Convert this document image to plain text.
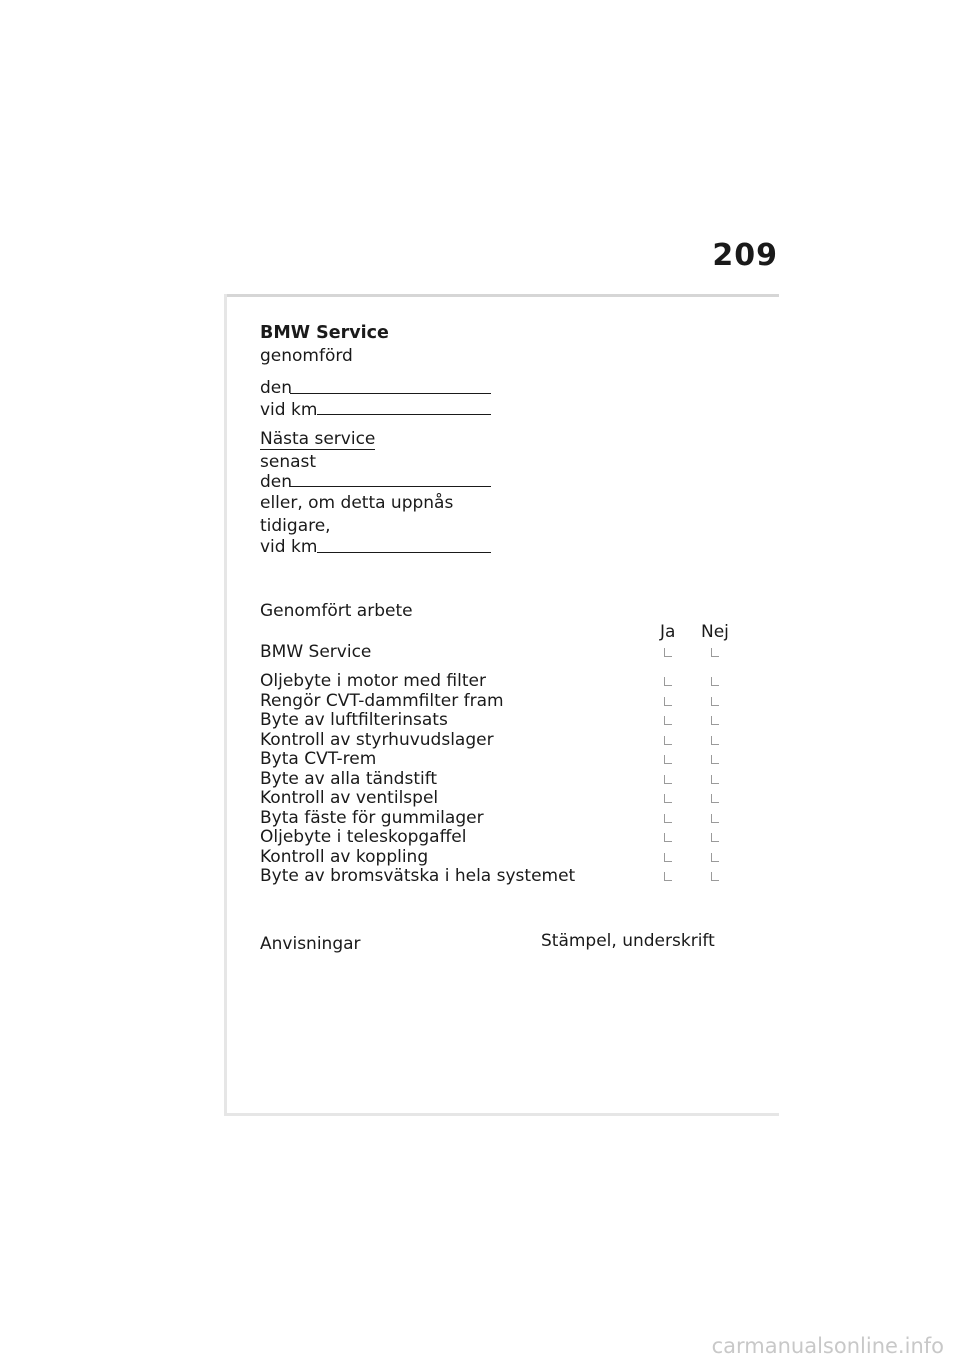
209
BMW Service
genomförd
den
vid km
Nästa service
senast
den
eller, om detta uppnås
tidigare,
vid km
Genomfört arbete
Ja Nej
BMW Service
Oljebyte i motor med filter
Rengör CVT-dammfilter fram
Byte av luftfilterinsats
Kontroll av styrhuvudslager
Byta CVT-rem
Byte av alla tändstift
Kontroll av ventilspel
Byta fäste för gummilager
Oljebyte i teleskopgaffel
Kontroll av koppling
Byte av bromsvätska i hela systemet
Anvisningar	Stämpel, underskrift
carmanualsonline.info
